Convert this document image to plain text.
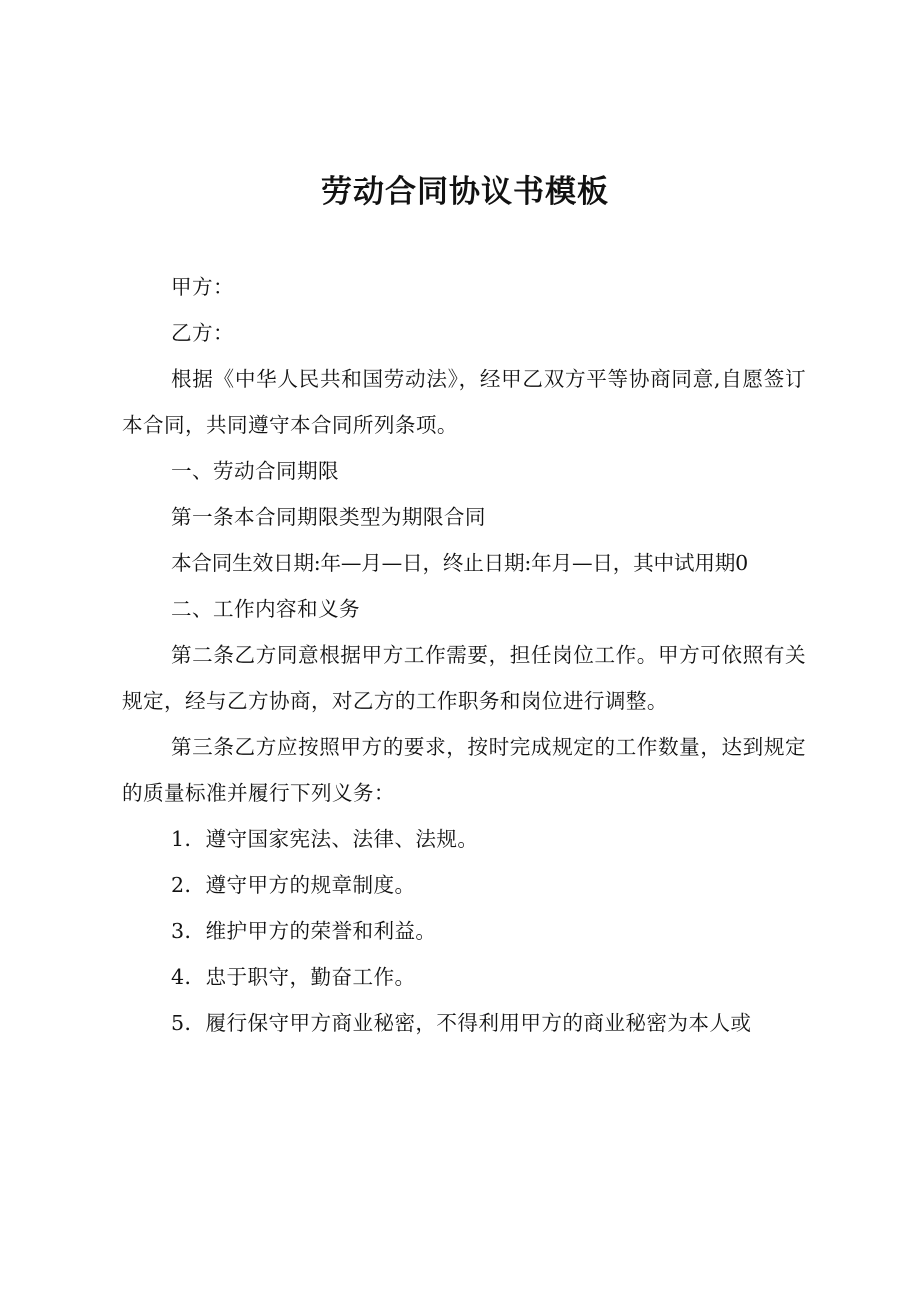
劳动合同协议书模板

甲方：

乙方：

根据《中华人民共和国劳动法》，经甲乙双方平等协商同意,自愿签订本合同，共同遵守本合同所列条项。

一、劳动合同期限

第一条本合同期限类型为期限合同

本合同生效日期:年—月—日，终止日期:年月—日，其中试用期0

二、工作内容和义务

第二条乙方同意根据甲方工作需要，担任岗位工作。甲方可依照有关规定，经与乙方协商，对乙方的工作职务和岗位进行调整。

第三条乙方应按照甲方的要求，按时完成规定的工作数量，达到规定的质量标准并履行下列义务：

1．遵守国家宪法、法律、法规。

2．遵守甲方的规章制度。

3．维护甲方的荣誉和利益。

4．忠于职守，勤奋工作。

5．履行保守甲方商业秘密，不得利用甲方的商业秘密为本人或
